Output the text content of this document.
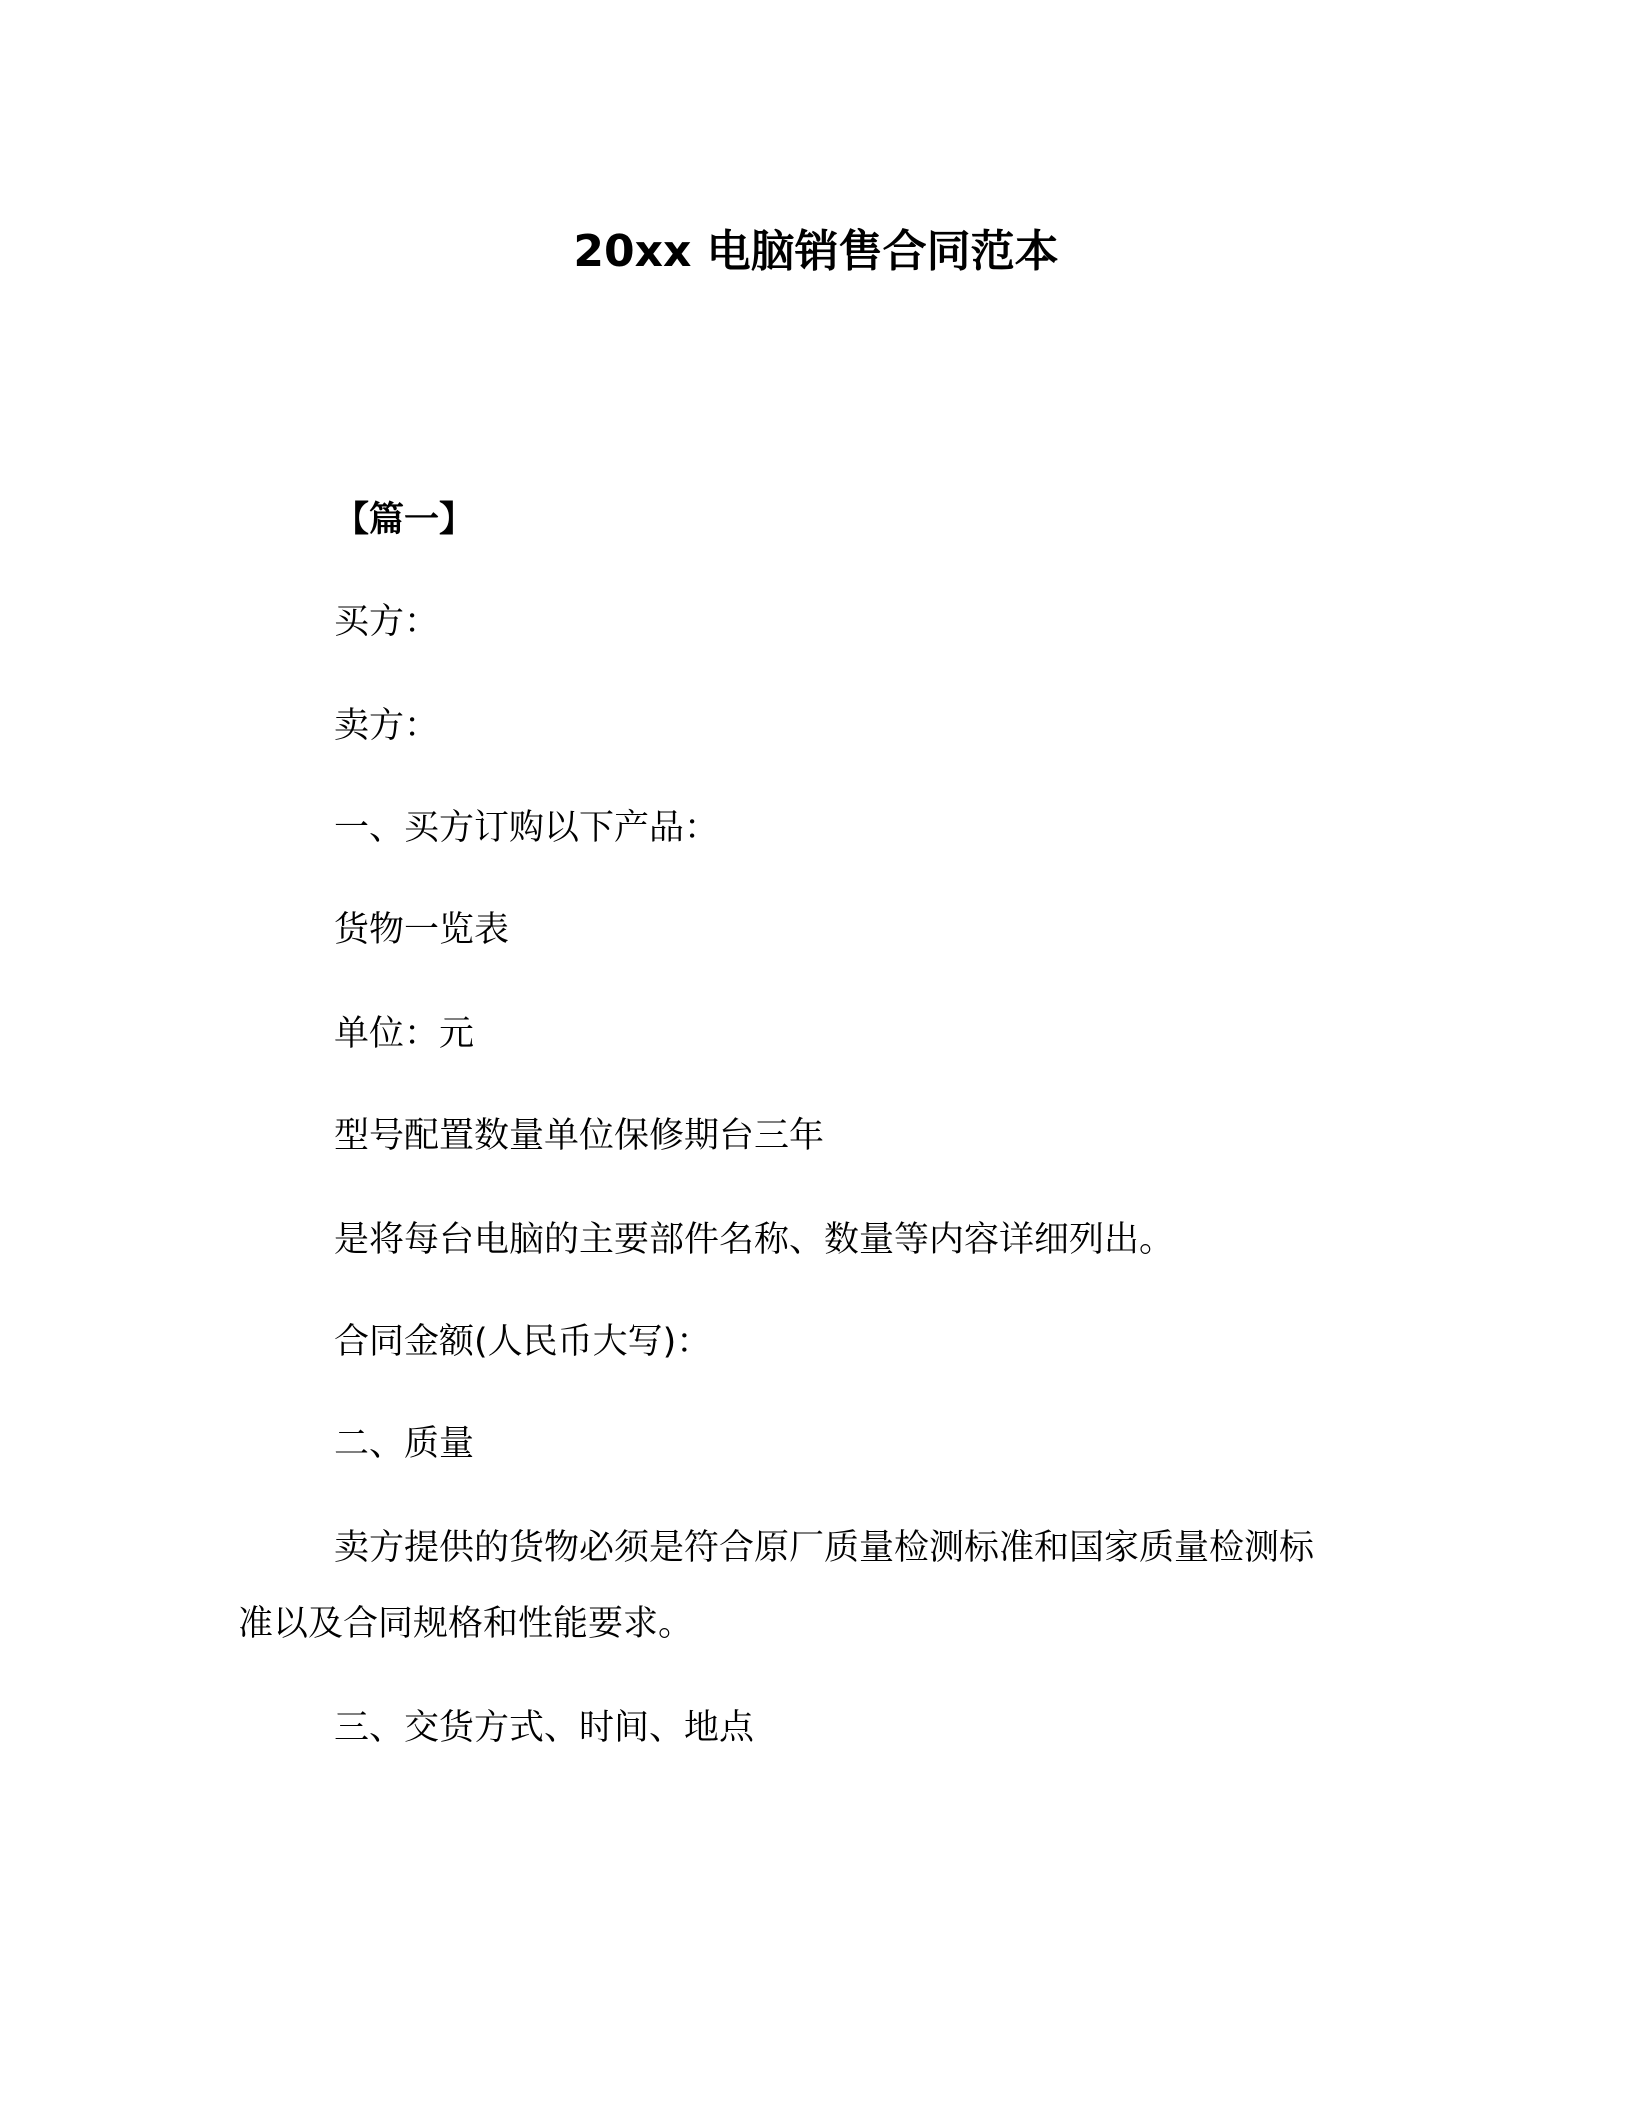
20xx 电脑销售合同范本
【篇一】
买方：
卖方：
一、买方订购以下产品：
货物一览表
单位：元
型号配置数量单位保修期台三年
是将每台电脑的主要部件名称、数量等内容详细列出。
合同金额(人民币大写)：
二、质量
卖方提供的货物必须是符合原厂质量检测标准和国家质量检测标
准以及合同规格和性能要求。
三、交货方式、时间、地点
